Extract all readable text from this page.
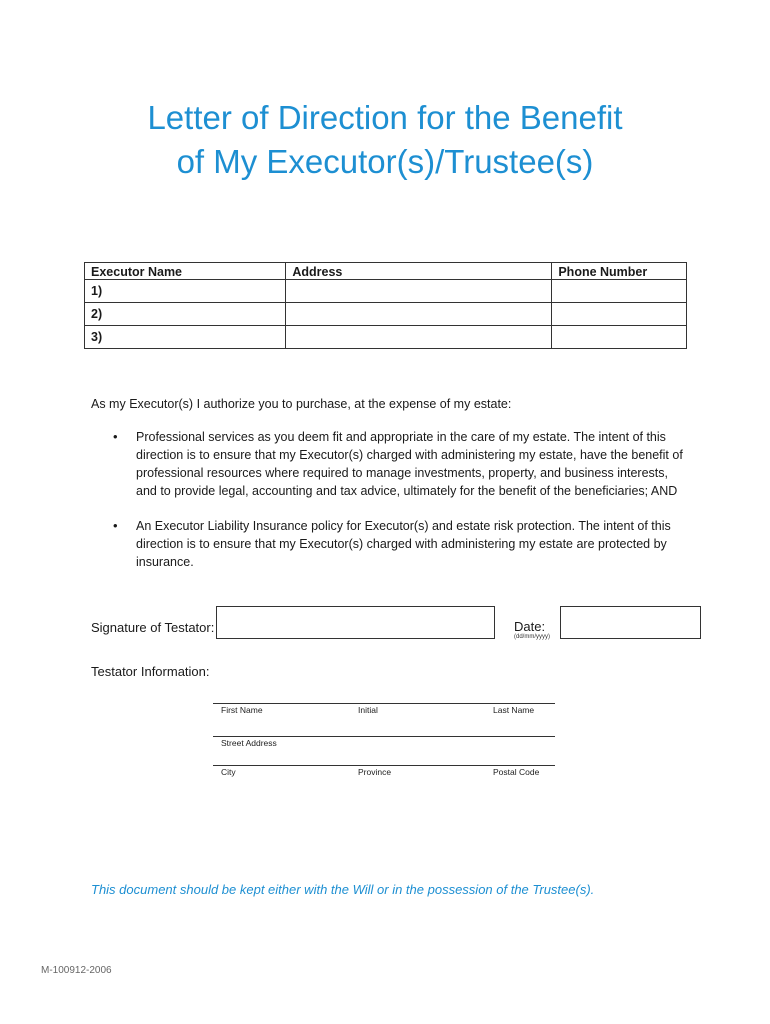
Letter of Direction for the Benefit
of My Executor(s)/Trustee(s)
Executor Name	Address	Phone Number
1)		
2)		
3)		
As my Executor(s) I authorize you to purchase, at the expense of my estate:
• Professional services as you deem fit and appropriate in the care of my estate. The intent of this direction is to ensure that my Executor(s) charged with administering my estate, have the benefit of professional resources where required to manage investments, property, and business interests, and to provide legal, accounting and tax advice, ultimately for the benefit of the beneficiaries; AND
• An Executor Liability Insurance policy for Executor(s) and estate risk protection. The intent of this direction is to ensure that my Executor(s) charged with administering my estate are protected by insurance.
Signature of Testator:	Date:
(dd/mm/yyyy)
Testator Information:
First Name	Initial	Last Name
Street Address
City	Province	Postal Code
This document should be kept either with the Will or in the possession of the Trustee(s).
M-100912-2006
